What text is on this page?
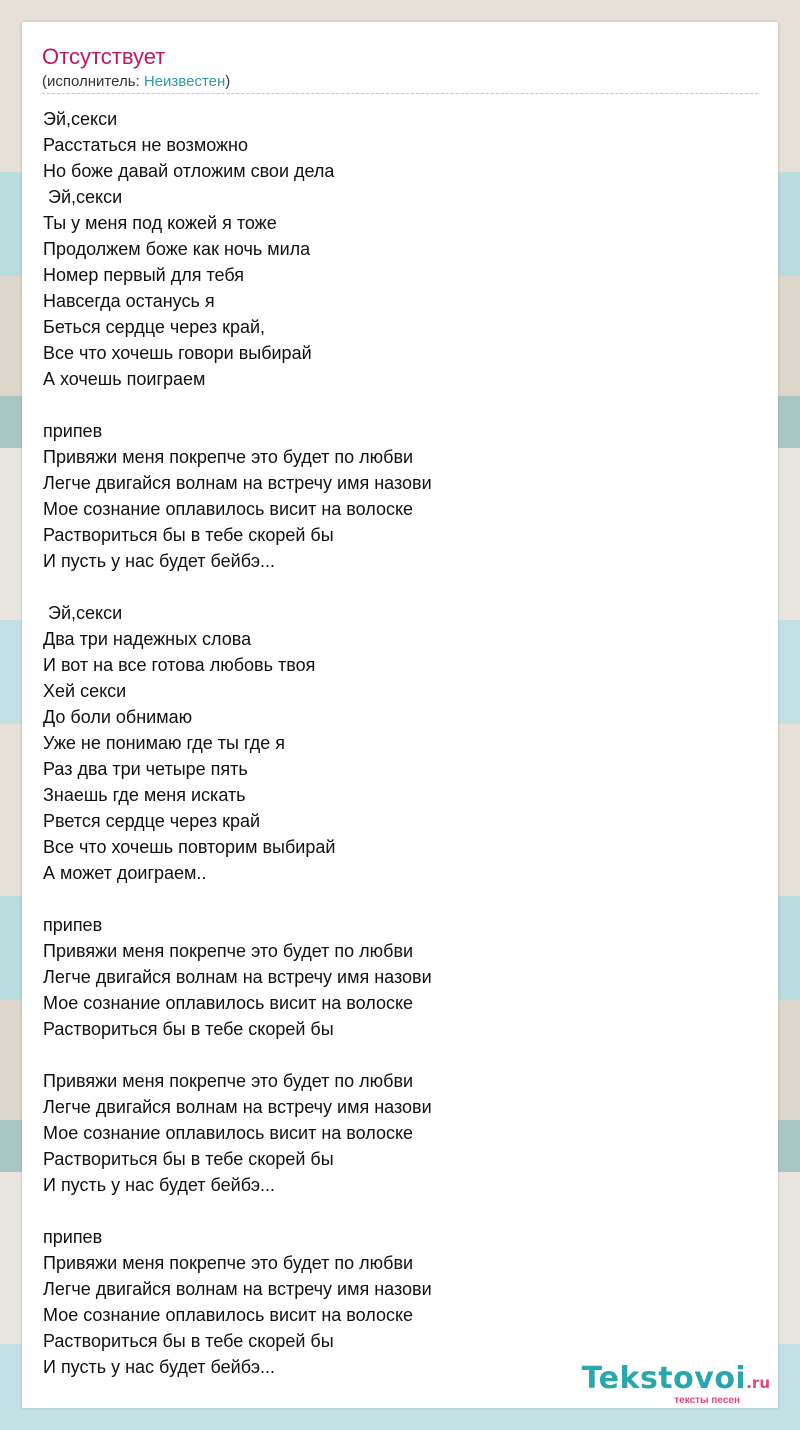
Отсутствует
(исполнитель: Неизвестен)
Эй,секси
Расстаться не возможно
Но боже давай отложим свои дела
Эй,секси
Ты у меня под кожей я тоже
Продолжем боже как ночь мила
Номер первый для тебя
Навсегда останусь я
Беться сердце через край,
Все что хочешь говори выбирай
А хочешь поиграем
припев
Привяжи меня покрепче это будет по любви
Легче двигайся волнам на встречу имя назови
Мое сознание оплавилось висит на волоске
Раствориться бы в тебе скорей бы
И пусть у нас будет бейбэ...
Эй,секси
Два три надежных слова
И вот на все готова любовь твоя
Хей секси
До боли обнимаю
Уже не понимаю где ты где я
Раз два три четыре пять
Знаешь где меня искать
Рвется сердце через край
Все что хочешь повторим выбирай
А может доиграем..
припев
Привяжи меня покрепче это будет по любви
Легче двигайся волнам на встречу имя назови
Мое сознание оплавилось висит на волоске
Раствориться бы в тебе скорей бы
Привяжи меня покрепче это будет по любви
Легче двигайся волнам на встречу имя назови
Мое сознание оплавилось висит на волоске
Раствориться бы в тебе скорей бы
И пусть у нас будет бейбэ...
припев
Привяжи меня покрепче это будет по любви
Легче двигайся волнам на встречу имя назови
Мое сознание оплавилось висит на волоске
Раствориться бы в тебе скорей бы
И пусть у нас будет бейбэ...	Tekstovoi.ru
тексты песен
